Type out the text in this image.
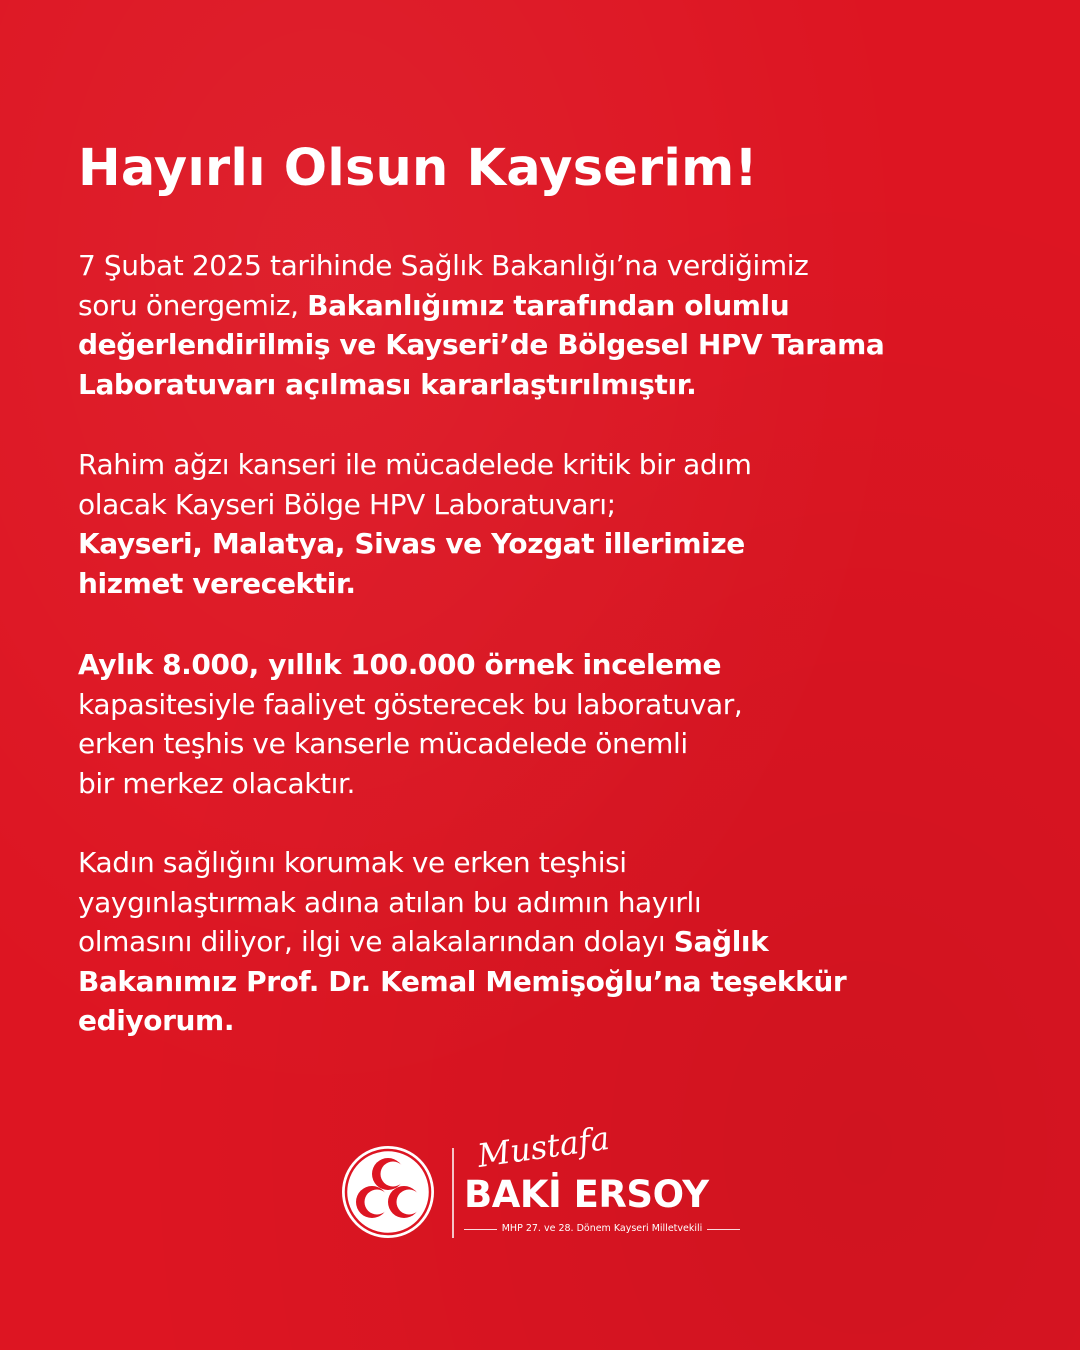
Hayırlı Olsun Kayserim!

7 Şubat 2025 tarihinde Sağlık Bakanlığı’na verdiğimiz
soru önergemiz, Bakanlığımız tarafından olumlu
değerlendirilmiş ve Kayseri’de Bölgesel HPV Tarama
Laboratuvarı açılması kararlaştırılmıştır.

Rahim ağzı kanseri ile mücadelede kritik bir adım
olacak Kayseri Bölge HPV Laboratuvarı;
Kayseri, Malatya, Sivas ve Yozgat illerimize
hizmet verecektir.

Aylık 8.000, yıllık 100.000 örnek inceleme
kapasitesiyle faaliyet gösterecek bu laboratuvar,
erken teşhis ve kanserle mücadelede önemli
bir merkez olacaktır.

Kadın sağlığını korumak ve erken teşhisi
yaygınlaştırmak adına atılan bu adımın hayırlı
olmasını diliyor, ilgi ve alakalarından dolayı Sağlık
Bakanımız Prof. Dr. Kemal Memişoğlu’na teşekkür
ediyorum.

Mustafa
BAKİ ERSOY
MHP 27. ve 28. Dönem Kayseri Milletvekili
